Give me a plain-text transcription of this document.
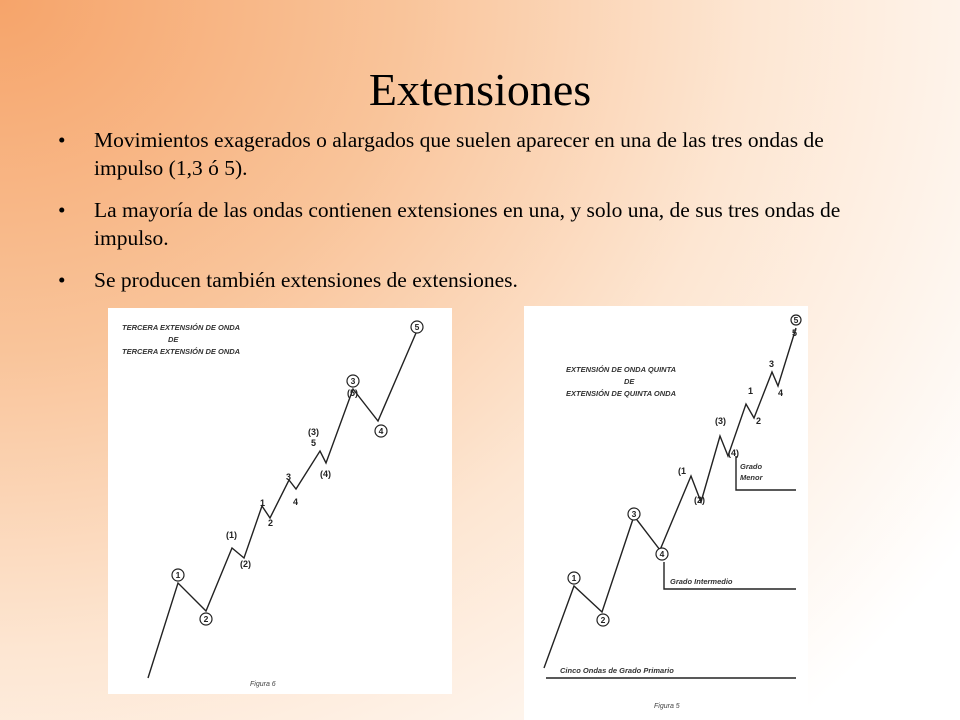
Extensiones
• Movimientos exagerados o alargados que suelen aparecer en una de las tres ondas de impulso (1,3 ó 5).
• La mayoría de las ondas contienen extensiones en una, y solo una, de sus tres ondas de impulso.
• Se producen también extensiones de extensiones.
TERCERA EXTENSIÓN DE ONDA
DE
TERCERA EXTENSIÓN DE ONDA
1
2
(1)
(2)
1
2
3
4
5
(3)
(4)
3
(5)
4
5
Figura 6
EXTENSIÓN DE ONDA QUINTA
DE
EXTENSIÓN DE QUINTA ONDA
1
2
3
4
(1
(2)
(3)
(4)
1
2
3
4
5
5
Grado
Menor
Grado Intermedio
Cinco Ondas de Grado Primario
Figura 5
